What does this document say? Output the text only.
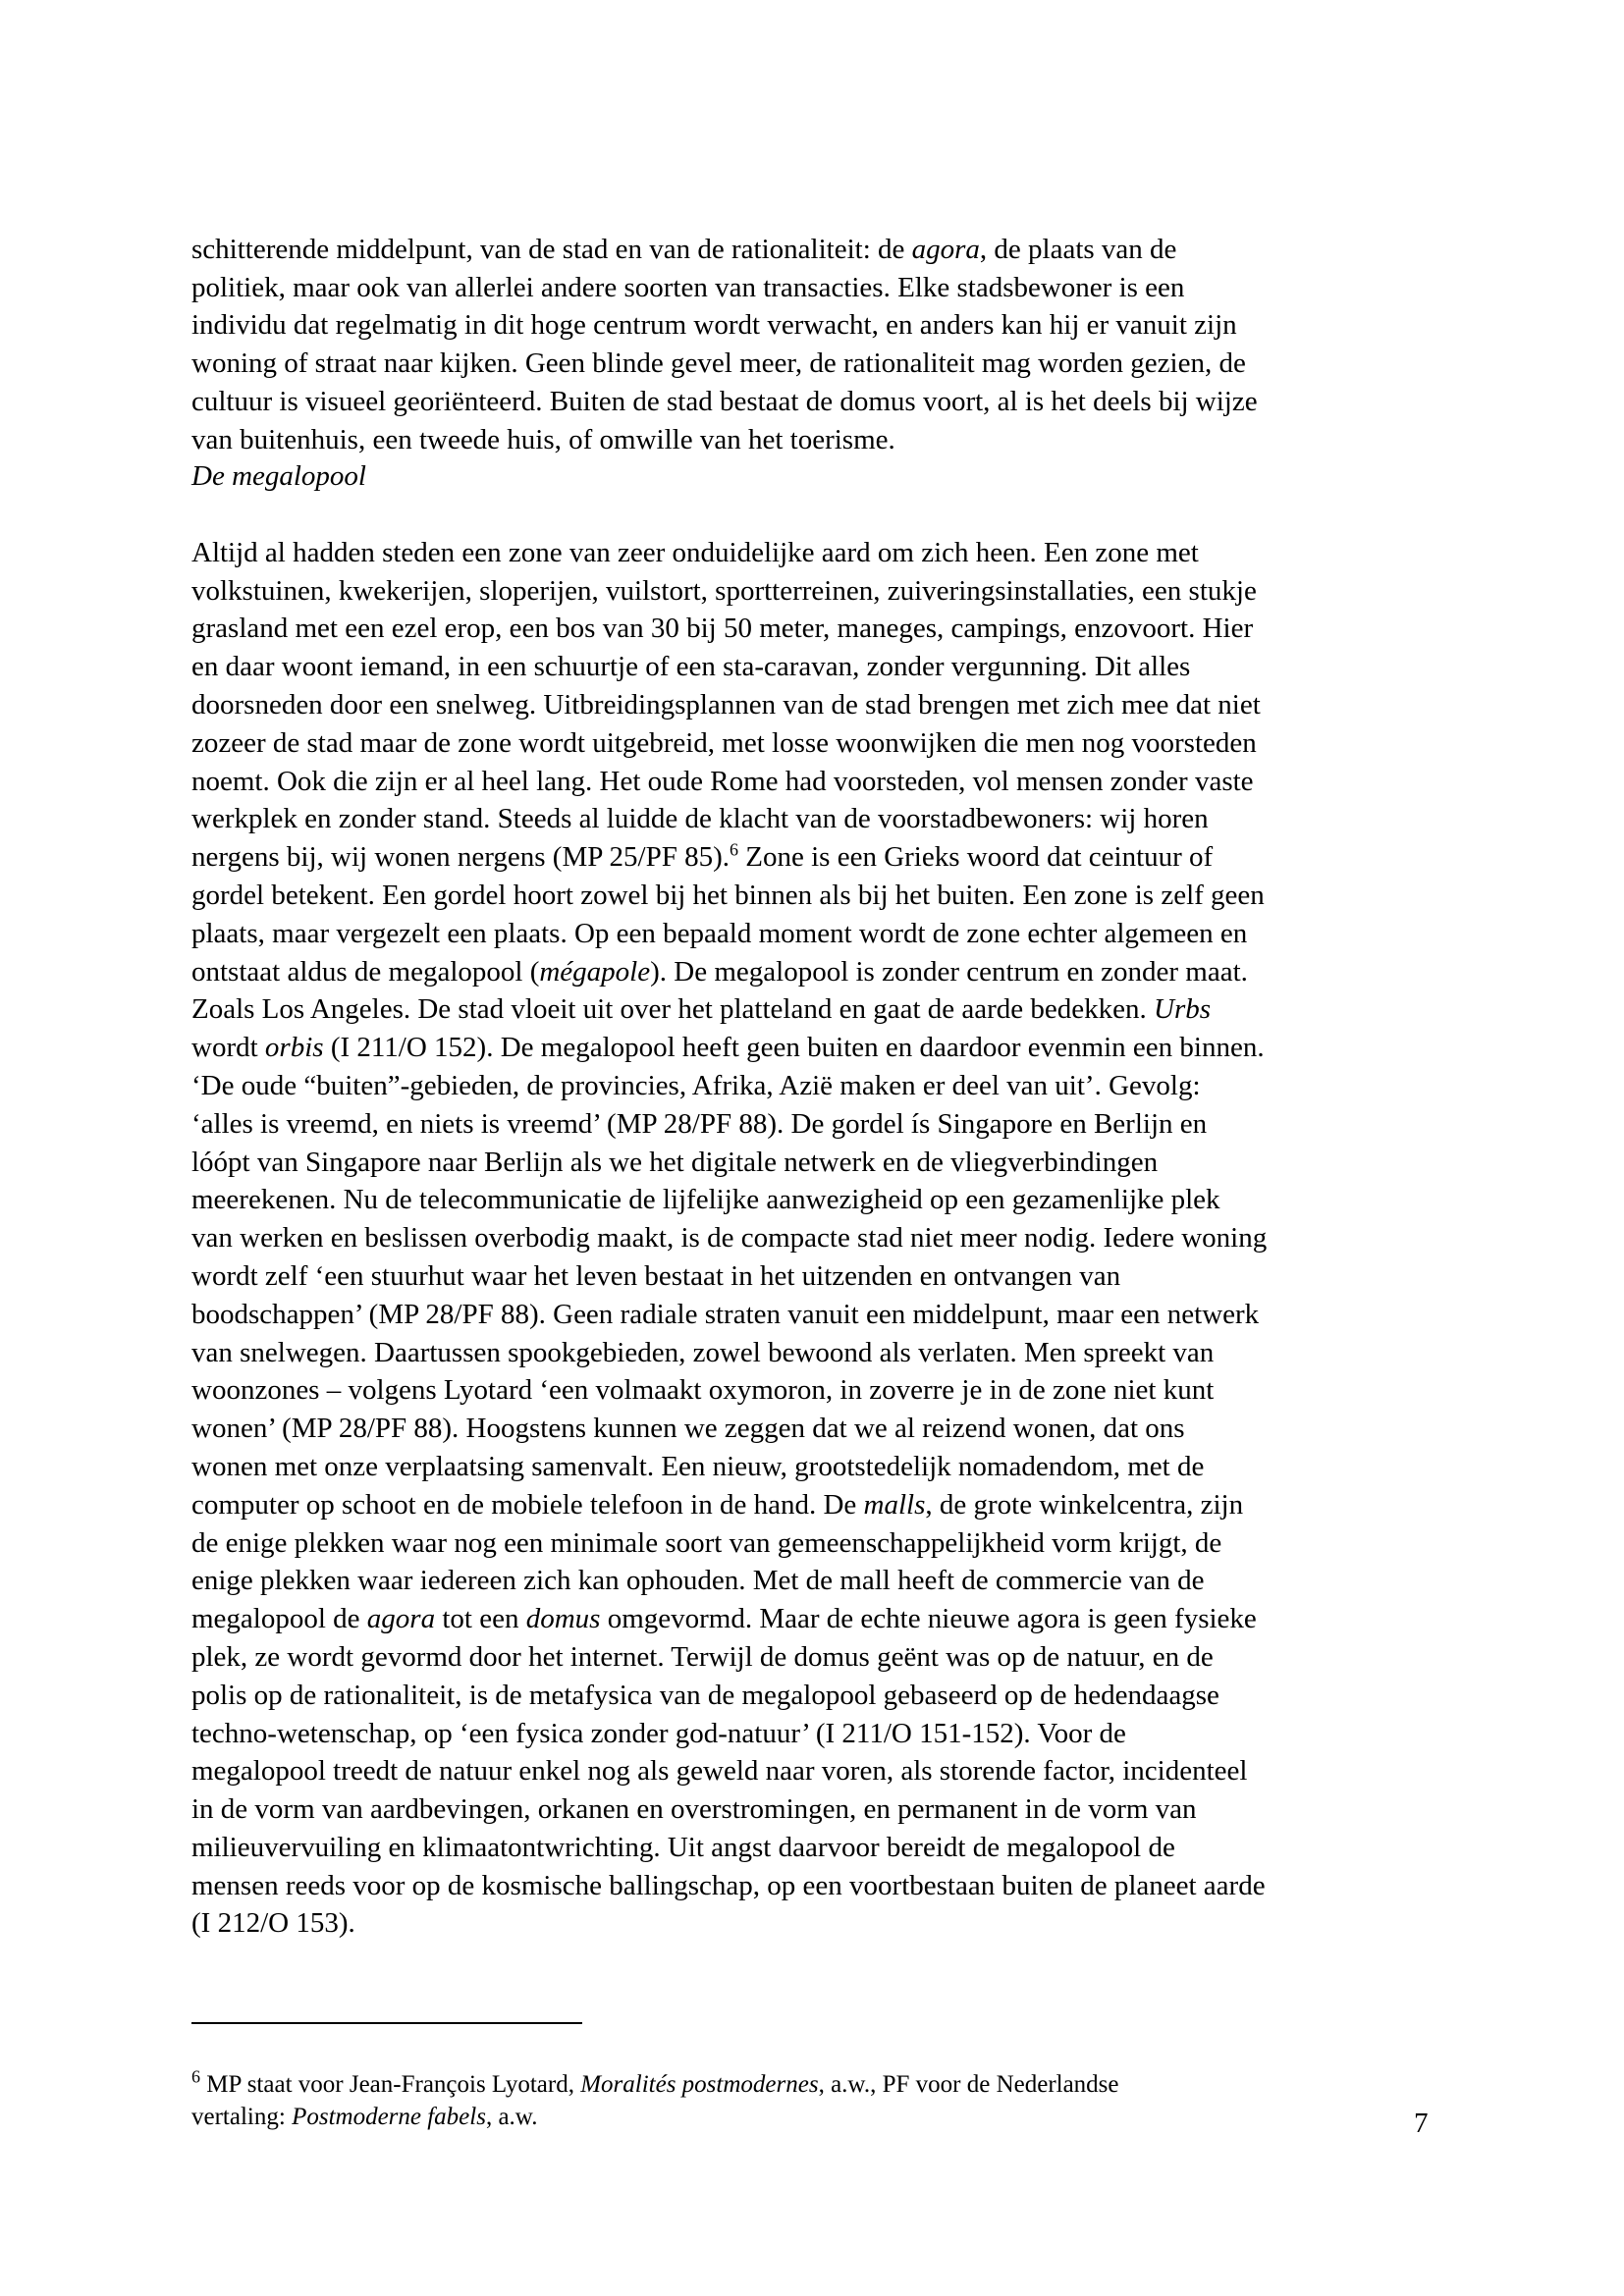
schitterende middelpunt, van de stad en van de rationaliteit: de agora, de plaats van de
politiek, maar ook van allerlei andere soorten van transacties. Elke stadsbewoner is een
individu dat regelmatig in dit hoge centrum wordt verwacht, en anders kan hij er vanuit zijn
woning of straat naar kijken. Geen blinde gevel meer, de rationaliteit mag worden gezien, de
cultuur is visueel georiënteerd. Buiten de stad bestaat de domus voort, al is het deels bij wijze
van buitenhuis, een tweede huis, of omwille van het toerisme.

De megalopool

Altijd al hadden steden een zone van zeer onduidelijke aard om zich heen. Een zone met
volkstuinen, kwekerijen, sloperijen, vuilstort, sportterreinen, zuiveringsinstallaties, een stukje
grasland met een ezel erop, een bos van 30 bij 50 meter, maneges, campings, enzovoort. Hier
en daar woont iemand, in een schuurtje of een sta-caravan, zonder vergunning. Dit alles
doorsneden door een snelweg. Uitbreidingsplannen van de stad brengen met zich mee dat niet
zozeer de stad maar de zone wordt uitgebreid, met losse woonwijken die men nog voorsteden
noemt. Ook die zijn er al heel lang. Het oude Rome had voorsteden, vol mensen zonder vaste
werkplek en zonder stand. Steeds al luidde de klacht van de voorstadbewoners: wij horen
nergens bij, wij wonen nergens (MP 25/PF 85).$^6$ Zone is een Grieks woord dat ceintuur of
gordel betekent. Een gordel hoort zowel bij het binnen als bij het buiten. Een zone is zelf geen
plaats, maar vergezelt een plaats. Op een bepaald moment wordt de zone echter algemeen en
ontstaat aldus de megalopool (mégapole). De megalopool is zonder centrum en zonder maat.
Zoals Los Angeles. De stad vloeit uit over het platteland en gaat de aarde bedekken. Urbs
wordt orbis (I 211/O 152). De megalopool heeft geen buiten en daardoor evenmin een binnen.
‘De oude “buiten”-gebieden, de provincies, Afrika, Azië maken er deel van uit’. Gevolg:
‘alles is vreemd, en niets is vreemd’ (MP 28/PF 88). De gordel ís Singapore en Berlijn en
lóópt van Singapore naar Berlijn als we het digitale netwerk en de vliegverbindingen
meerekenen. Nu de telecommunicatie de lijfelijke aanwezigheid op een gezamenlijke plek
van werken en beslissen overbodig maakt, is de compacte stad niet meer nodig. Iedere woning
wordt zelf ‘een stuurhut waar het leven bestaat in het uitzenden en ontvangen van
boodschappen’ (MP 28/PF 88). Geen radiale straten vanuit een middelpunt, maar een netwerk
van snelwegen. Daartussen spookgebieden, zowel bewoond als verlaten. Men spreekt van
woonzones – volgens Lyotard ‘een volmaakt oxymoron, in zoverre je in de zone niet kunt
wonen’ (MP 28/PF 88). Hoogstens kunnen we zeggen dat we al reizend wonen, dat ons
wonen met onze verplaatsing samenvalt. Een nieuw, grootstedelijk nomadendom, met de
computer op schoot en de mobiele telefoon in de hand. De malls, de grote winkelcentra, zijn
de enige plekken waar nog een minimale soort van gemeenschappelijkheid vorm krijgt, de
enige plekken waar iedereen zich kan ophouden. Met de mall heeft de commercie van de
megalopool de agora tot een domus omgevormd. Maar de echte nieuwe agora is geen fysieke
plek, ze wordt gevormd door het internet. Terwijl de domus geënt was op de natuur, en de
polis op de rationaliteit, is de metafysica van de megalopool gebaseerd op de hedendaagse
techno-wetenschap, op ‘een fysica zonder god-natuur’ (I 211/O 151-152). Voor de
megalopool treedt de natuur enkel nog als geweld naar voren, als storende factor, incidenteel
in de vorm van aardbevingen, orkanen en overstromingen, en permanent in de vorm van
milieuvervuiling en klimaatontwrichting. Uit angst daarvoor bereidt de megalopool de
mensen reeds voor op de kosmische ballingschap, op een voortbestaan buiten de planeet aarde
(I 212/O 153).

$^6$ MP staat voor Jean-François Lyotard, Moralités postmodernes, a.w., PF voor de Nederlandse
vertaling: Postmoderne fabels, a.w.	7
